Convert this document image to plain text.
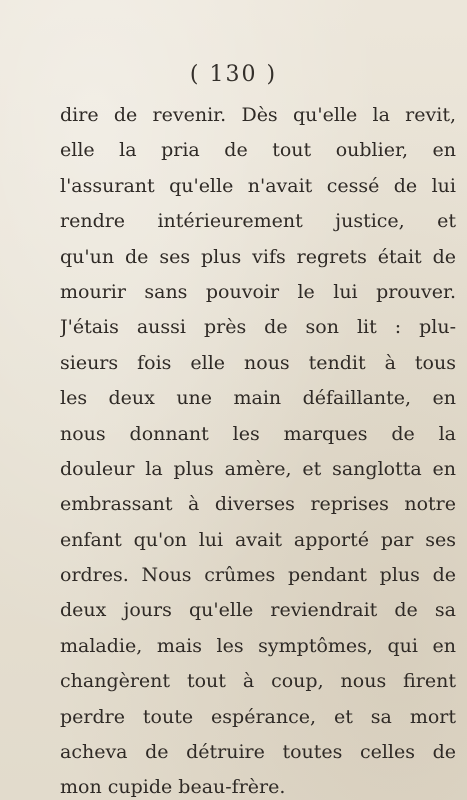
( 130 )
dire de revenir. Dès qu'elle la revit,
elle la pria de tout oublier, en
l'assurant qu'elle n'avait cessé de lui
rendre intérieurement justice, et
qu'un de ses plus vifs regrets était de
mourir sans pouvoir le lui prouver.
J'étais aussi près de son lit : plu-
sieurs fois elle nous tendit à tous
les deux une main défaillante, en
nous donnant les marques de la
douleur la plus amère, et sanglotta en
embrassant à diverses reprises notre
enfant qu'on lui avait apporté par ses
ordres. Nous crûmes pendant plus de
deux jours qu'elle reviendrait de sa
maladie, mais les symptômes, qui en
changèrent tout à coup, nous firent
perdre toute espérance, et sa mort
acheva de détruire toutes celles de
mon cupide beau-frère.
